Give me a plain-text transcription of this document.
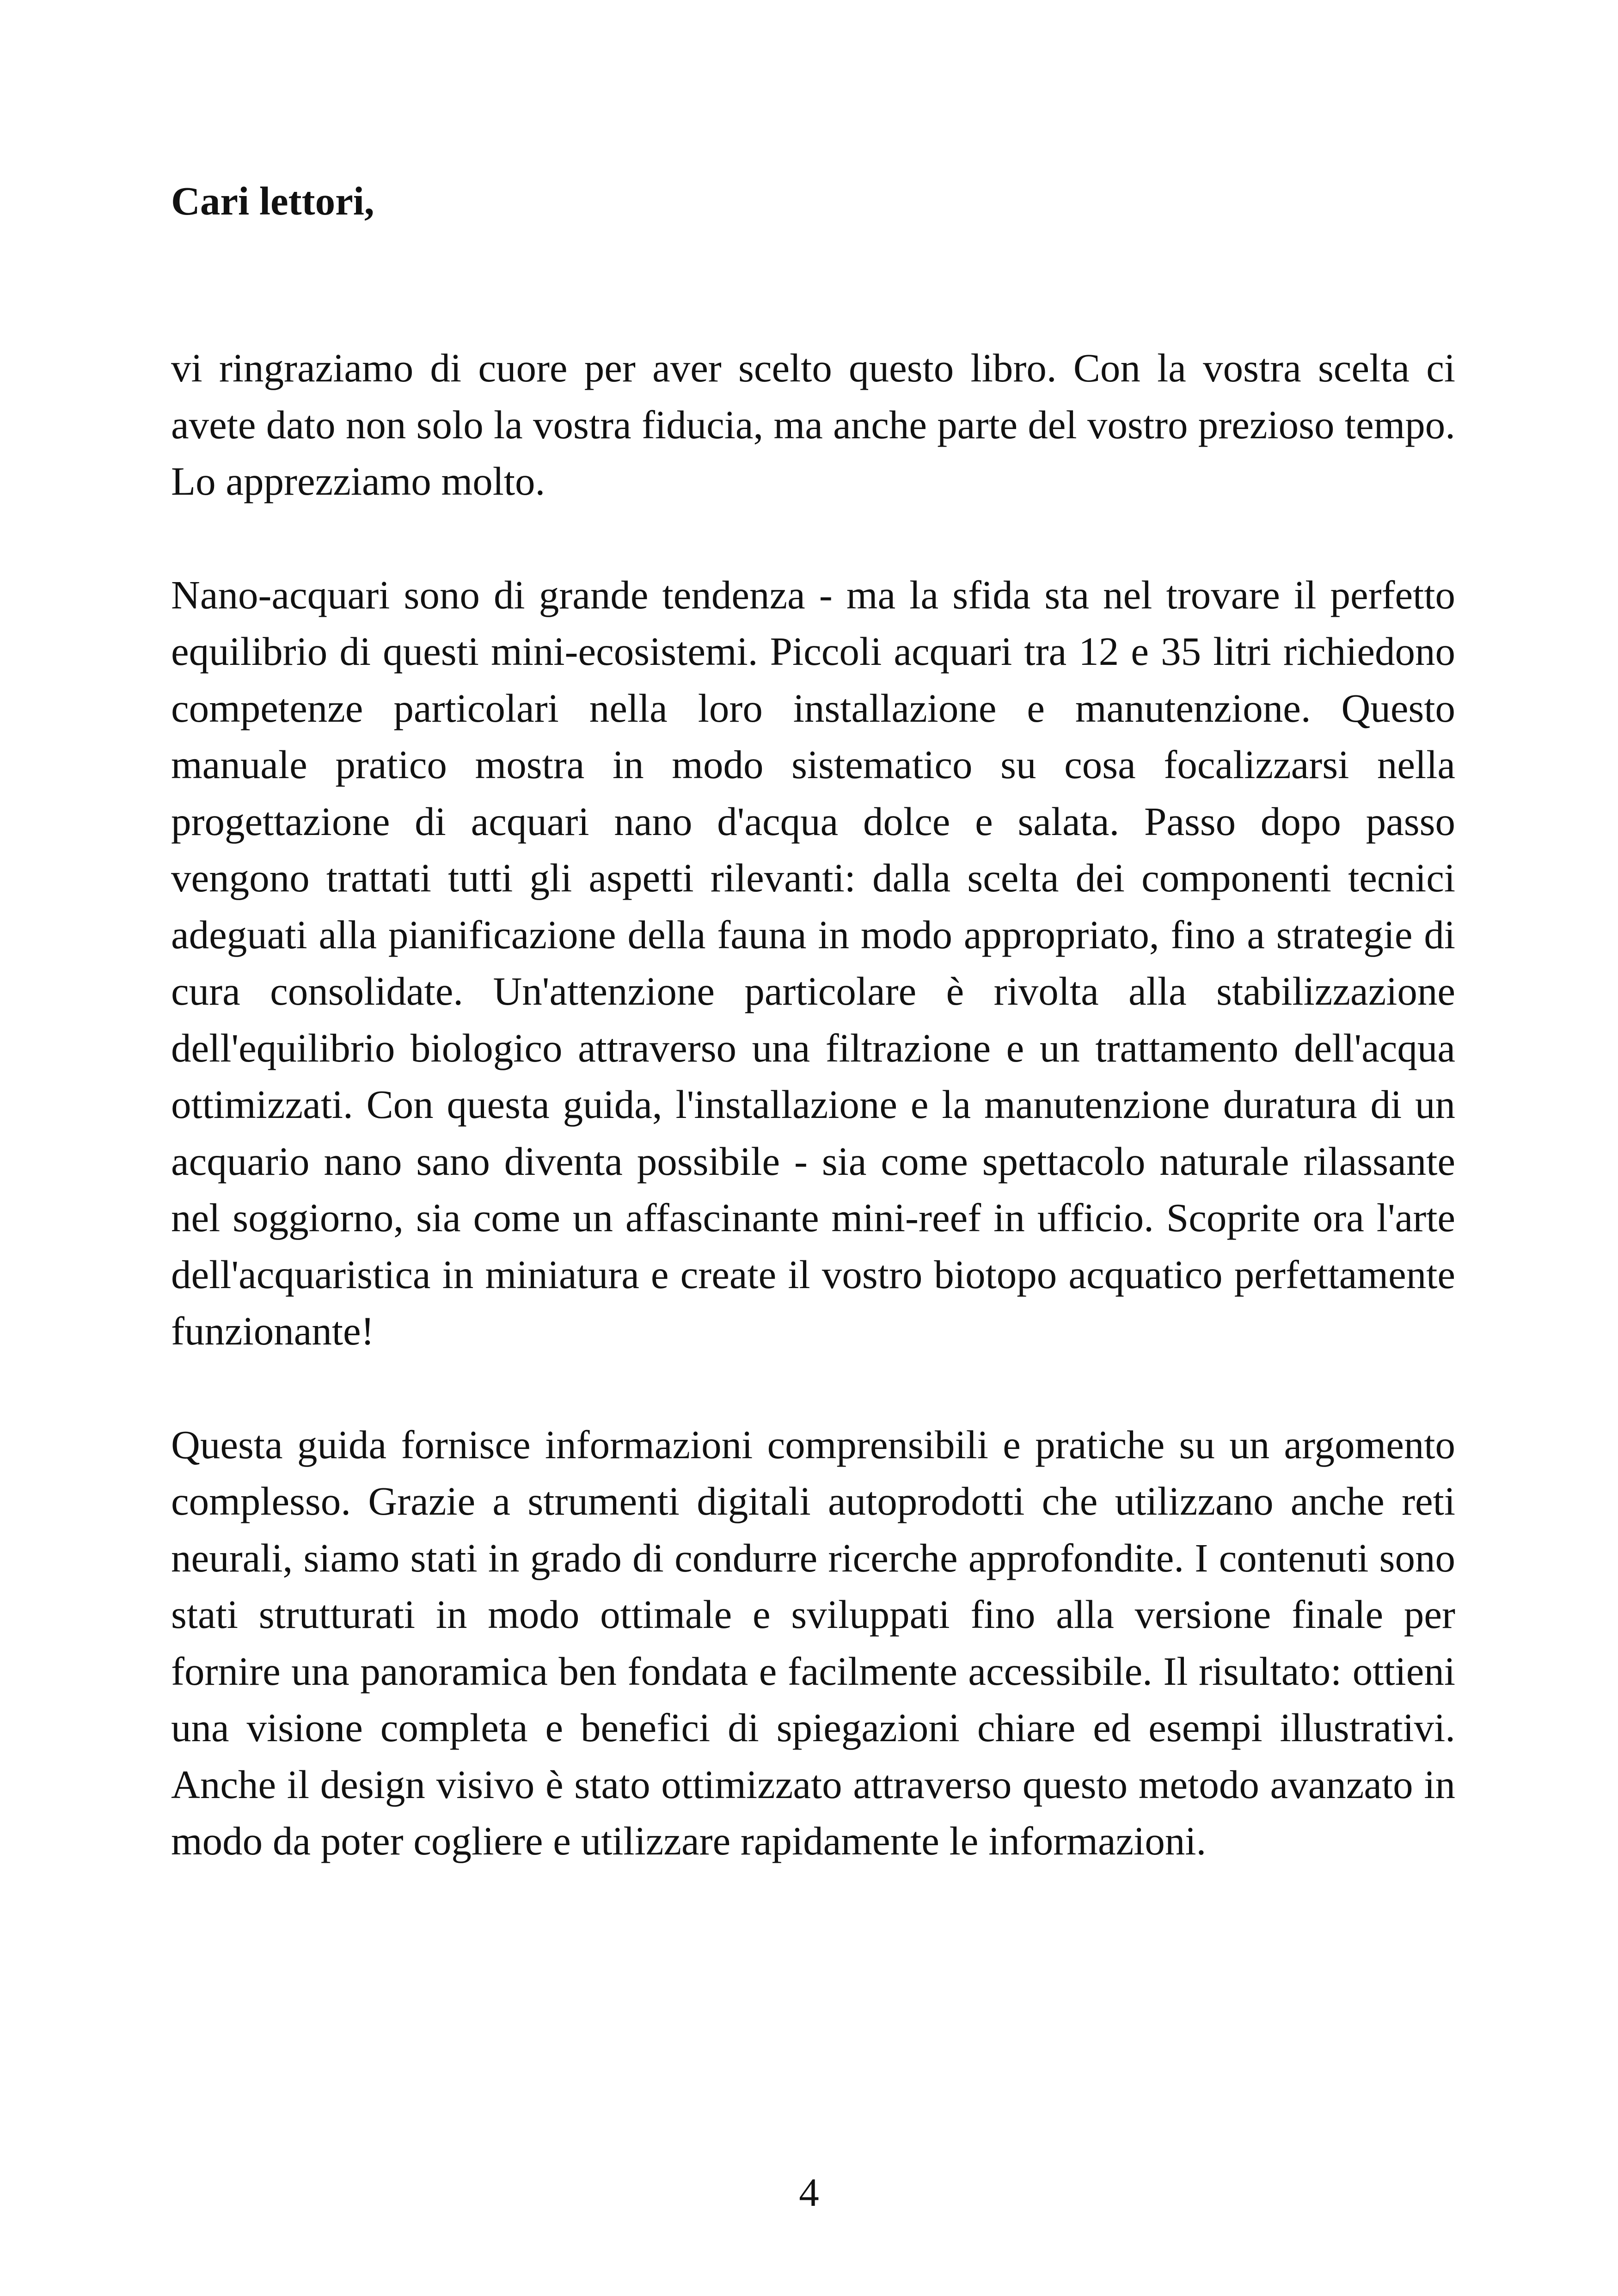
Cari lettori,

vi ringraziamo di cuore per aver scelto questo libro. Con la vostra scelta ci avete dato non solo la vostra fiducia, ma anche parte del vostro prezioso tempo. Lo apprezziamo molto.

Nano-acquari sono di grande tendenza - ma la sfida sta nel trovare il perfetto equilibrio di questi mini-ecosistemi. Piccoli acquari tra 12 e 35 litri richiedono competenze particolari nella loro installazione e manutenzione. Questo manuale pratico mostra in modo sistematico su cosa focalizzarsi nella progettazione di acquari nano d'acqua dolce e salata. Passo dopo passo vengono trattati tutti gli aspetti rilevanti: dalla scelta dei componenti tecnici adeguati alla pianificazione della fauna in modo appropriato, fino a strategie di cura consolidate. Un'attenzione particolare è rivolta alla stabilizzazione dell'equilibrio biologico attraverso una filtrazione e un trattamento dell'acqua ottimizzati. Con questa guida, l'installazione e la manutenzione duratura di un acquario nano sano diventa possibile - sia come spettacolo naturale rilassante nel soggiorno, sia come un affascinante mini-reef in ufficio. Scoprite ora l'arte dell'acquaristica in miniatura e create il vostro biotopo acquatico perfettamente funzionante!

Questa guida fornisce informazioni comprensibili e pratiche su un argomento complesso. Grazie a strumenti digitali autoprodotti che utilizzano anche reti neurali, siamo stati in grado di condurre ricerche approfondite. I contenuti sono stati strutturati in modo ottimale e sviluppati fino alla versione finale per fornire una panoramica ben fondata e facilmente accessibile. Il risultato: ottieni una visione completa e benefici di spiegazioni chiare ed esempi illustrativi. Anche il design visivo è stato ottimizzato attraverso questo metodo avanzato in modo da poter cogliere e utilizzare rapidamente le informazioni.

4
